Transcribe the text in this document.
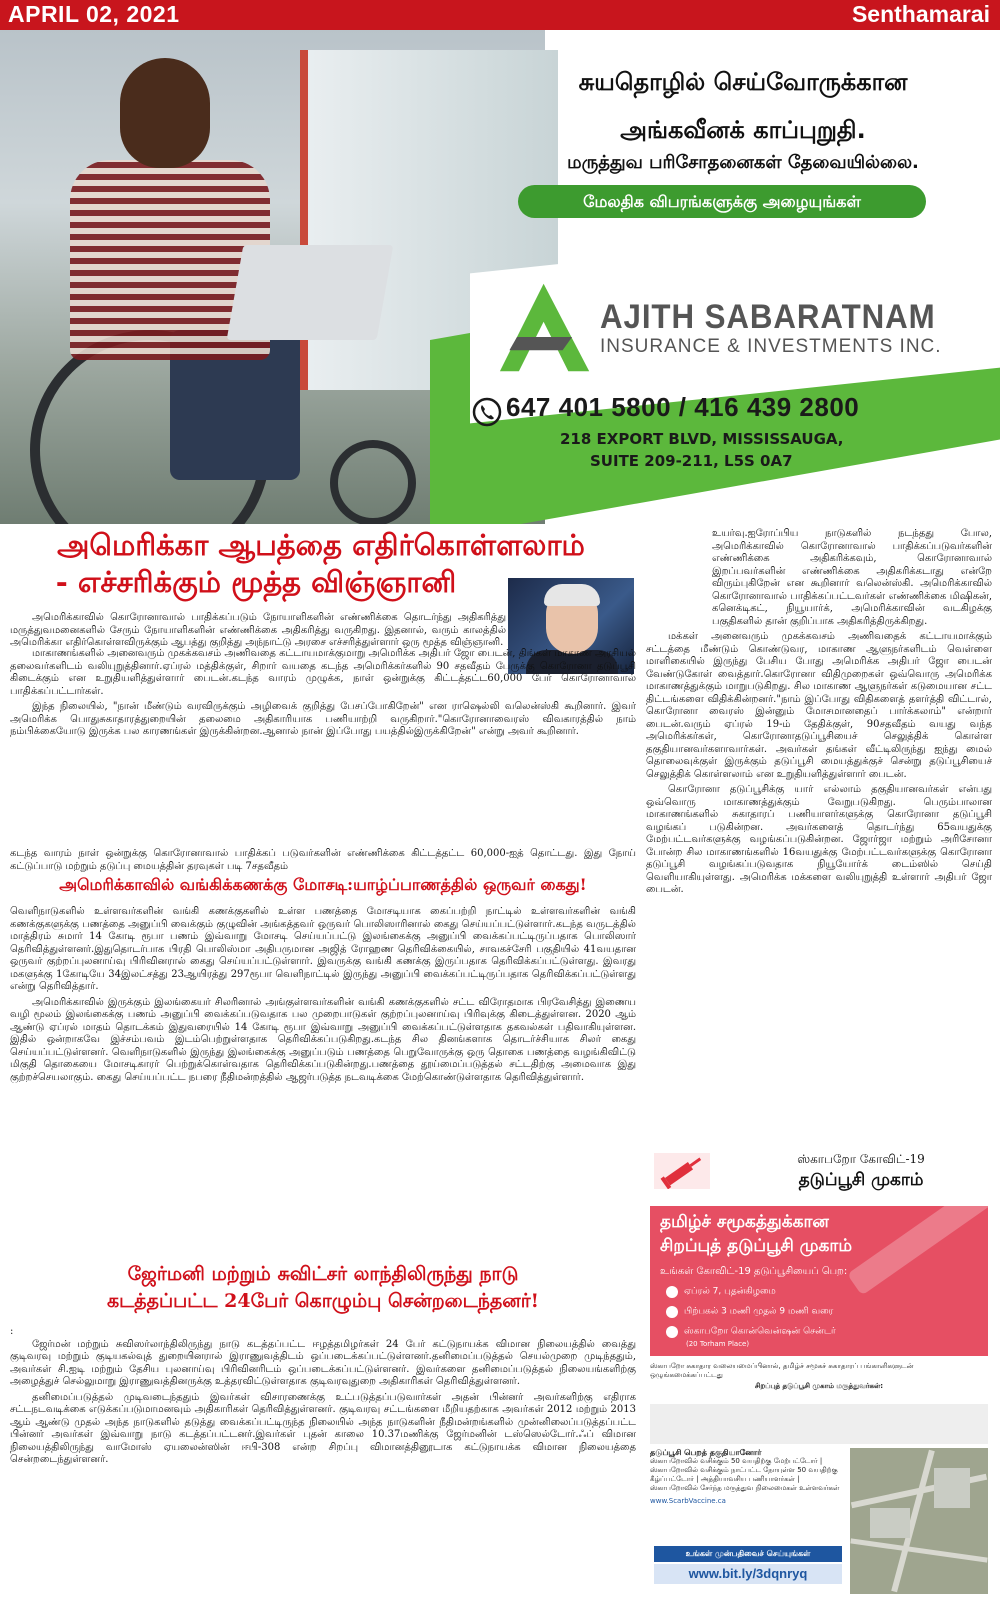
APRIL 02, 2021	Senthamarai
சுயதொழில் செய்வோருக்கான
அங்கவீனக் காப்புறுதி.
மருத்துவ பரிசோதனைகள் தேவையில்லை.
மேலதிக விபரங்களுக்கு அழையுங்கள்
AJITH SABARATNAM
INSURANCE & INVESTMENTS INC.
647 401 5800 / 416 439 2800
218 EXPORT BLVD, MISSISSAUGA,
SUITE 209-211, L5S 0A7
அமெரிக்கா ஆபத்தை எதிர்கொள்ளலாம்
- எச்சரிக்கும் மூத்த விஞ்ஞானி

அமெரிக்காவில் கொரோனாவால் பாதிக்கப்படும் நோயாளிகளின் எண்ணிக்கை தொடர்ந்து அதிகரித்து மருத்துவமனைகளில் சேரும் நோயாளிகளின் எண்ணிக்கை அதிகரித்து வருகிறது. இதனால், வரும் காலத்தில் அமெரிக்கா எதிர்கொள்ளவிருக்கும் ஆபத்து குறித்து அந்நாட்டு அரசை எச்சரித்துள்ளார் ஒரு மூத்த விஞ்ஞானி.

மாகாணங்களில் அனைவரும் முகக்கவசம் அணிவதை கட்டாயமாக்குமாறு அமெரிக்க அதிபர் ஜோ பைடன், திங்கள் மாகாண அரசியல் தலைவர்களிடம் வலியுறுத்தினார்.ஏப்ரல் மத்திக்குள், சிறார் வயதை கடந்த அமெரிக்கர்களில் 90 சதவீதம் பேருக்கு கொரோனா தடுப்பூசி கிடைக்கும் என உறுதியளித்துள்ளார் பைடன்.கடந்த வாரம் முழுக்க, நாள் ஒன்றுக்கு கிட்டத்தட்ட60,000 பேர் கொரோனாவால் பாதிக்கப்பட்டார்கள்.

இந்த நிலையில், "நான் மீண்டும் வரவிருக்கும் அழிவைக் குறித்து பேசப்போகிறேன்" என ராஷெல்லி வலென்ஸ்கி கூறினார். இவர் அமெரிக்க பொதுசுகாதாரத்துறையின் தலைமை அதிகாரியாக பணியாற்றி வருகிறார்."கொரோனாவைரஸ் விவகாரத்தில் நாம் நம்பிக்கையோடு இருக்க பல காரணங்கள் இருக்கின்றன.ஆனால் நான் இப்போது பயத்தில்இருக்கிறேன்" என்று அவர் கூறினார்.

கடந்த வாரம் நாள் ஒன்றுக்கு கொரோனாவால் பாதிக்கப் படுவர்களின் எண்ணிக்கை கிட்டத்தட்ட 60,000-ஐத் தொட்டது. இது நோய் கட்டுப்பாடு மற்றும் தடுப்பு மையத்தின் தரவுகள் படி 7சதவீதம்

அமெரிக்காவில் வங்கிக்கணக்கு மோசடி:யாழ்ப்பாணத்தில் ஒருவர் கைது!

வெளிநாடுகளில் உள்ளவர்களின் வங்கி கணக்குகளில் உள்ள பணத்தை மோசடியாக கைப்பற்றி நாட்டில் உள்ளவர்களின் வங்கி கணக்குகளுக்கு பணத்தை அனுப்பி வைக்கும் குழுவின் அங்கத்தவர் ஒருவர் பொலிஸாரினால் கைது செய்யப்பட்டுள்ளார்.கடந்த வருடத்தில் மாத்திரம் சுமார் 14 கோடி ரூபா பணம் இவ்வாறு மோசடி செய்யப்பட்டு இலங்கைக்கு அனுப்பி வைக்கப்பட்டிருப்பதாக பொலிஸார் தெரிவித்துள்ளனர்.இதுதொடர்பாக பிரதி பொலிஸ்மா அதிபருமான அஜித் ரோஹண தெரிவிக்கையில், சாவகச்சேரி பகுதியில் 41வயதான ஒருவர் குற்றப்புலனாய்வு பிரிவினரால் கைது செய்யப்பட்டுள்ளார். இவருக்கு வங்கி கணக்கு இருப்பதாக தெரிவிக்கப்பட்டுள்ளது. இவரது மகளுக்கு 1கோடியே 34இலட்சத்து 23ஆயிரத்து 297ரூபா வெளிநாட்டில் இருந்து அனுப்பி வைக்கப்பட்டிருப்பதாக தெரிவிக்கப்பட்டுள்ளது என்று தெரிவித்தார்.

அமெரிக்காவில் இருக்கும் இலங்கையர் சிலரினால் அங்குள்ளவர்களின் வங்கி கணக்குகளில் சட்ட விரோதமாக பிரவேசித்து இணைய வழி மூலம் இலங்கைக்கு பணம் அனுப்பி வைக்கப்படுவதாக பல முறைபாடுகள் குற்றப்புலனாய்வு பிரிவுக்கு கிடைத்துள்ளன. 2020 ஆம் ஆண்டு ஏப்ரல் மாதம் தொடக்கம் இதுவரையில் 14 கோடி ரூபா இவ்வாறு அனுப்பி வைக்கப்பட்டுள்ளதாக தகவல்கள் பதிவாகியுள்ளன. இதில் ஒன்றாகவே இச்சம்பவம் இடம்பெற்றுள்ளதாக தெரிவிக்கப்படுகிறது.கடந்த சில தினங்களாக தொடர்ச்சியாக சிலர் கைது செய்யப்பட்டுள்ளனர். வெளிநாடுகளில் இருந்து இலங்கைக்கு அனுப்படும் பணத்தை பெறுவோருக்கு ஒரு தொகை பணத்தை வழங்கிவிட்டு மிகுதி தொகையை மோசடிகாரர் பெற்றுக்கொள்வதாக தெரிவிக்கப்படுகின்றது.பணத்தை தூய்மைப்படுத்தல் சட்டதிற்கு அமைவாக இது குற்றச்செயலாகும். கைது செய்யப்பட்ட நபரை நீதிமன்றத்தில் ஆஜர்படுத்த நடவடிக்கை மேற்கொண்டுள்ளதாக தெரிவித்துள்ளார்.

ஜேர்மனி மற்றும் சுவிட்சர் லாந்திலிருந்து நாடு
கடத்தப்பட்ட 24பேர் கொழும்பு சென்றடைந்தனர்!

:

ஜேர்மன் மற்றும் சுவிஸர்லாந்திலிருந்து நாடு கடத்தப்பட்ட ஈழத்தமிழர்கள் 24 பேர் கட்டுநாயக்க விமான நிலையத்தில் வைத்து குடிவரவு மற்றும் குடியகல்வுத் துறையினரால் இராணுவத்திடம் ஒப்படைக்கப்பட்டுள்ளனர்.தனிமைப்படுத்தல் செயல்முறை முடிந்ததும், அவர்கள் சி.ஐடி மற்றும் தேசிய புலனாய்வு பிரிவினரிடம் ஒப்படைக்கப்பட்டுள்ளனர். இவர்களை தனிமைப்படுத்தல் நிலையங்களிற்கு அழைத்துச் செல்லுமாறு இராணுவத்தினருக்கு உத்தரவிட்டுள்ளதாக குடிவரவுதுறை அதிகாரிகள் தெரிவித்துள்ளனர்.

தனிமைப்படுத்தல் முடிவடைந்ததும் இவர்கள் விசாரணைக்கு உட்படுத்தப்படுவார்கள் அதன் பின்னர் அவர்களிற்கு எதிராக சட்டநடவடிக்கை எடுக்கப்படுமாமனவும் அதிகாரிகள் தெரிவித்துள்ளனர். குடிவரவு சட்டங்களை மீறியதற்காக அவர்கள் 2012 மற்றும் 2013 ஆம் ஆண்டு முதல் அந்த நாடுகளில் தடுத்து வைக்கப்பட்டிருந்த நிலையில் அந்த நாடுகளின் நீதிமன்றங்களில் முன்னிலைப்படுத்தப்பட்ட பின்னர் அவர்கள் இவ்வாறு நாடு கடத்தப்பட்டனர்.இவர்கள் புதன் காலை 10.37மணிக்கு ஜேர்மனின் டஸ்ஸெல்டோர்.ஃப் விமான நிலையத்திலிருந்து வாமோஸ் ஏயலைன்ஸின் ஈபி-308 என்ற சிறப்பு விமானத்தினூடாக கட்டுநாயக்க விமான நிலையத்தை சென்றடைந்துள்ளனர்.

உயர்வு.ஐரோப்பிய நாடுகளில் நடந்தது போல, அமெரிக்காவில் கொரோனாவால் பாதிக்கப்படுவர்களின் எண்ணிக்கை அதிகரிக்கவும், கொரோனாவால் இறப்பவர்களின் எண்ணிக்கை அதிகரிக்கடாது என்றே விரும்புகிறேன் என கூறினார் வலென்ஸ்கி. அமெரிக்காவில் கொரோனாவால் பாதிக்கப்பட்டவர்கள் எண்ணிக்கை மிஷிகன், கனெக்டிகட், நியூயார்க், அமெரிக்காவின் வடகிழக்கு பகுதிகளில் தான் குறிப்பாக அதிகரித்திருக்கிறது.

மக்கள் அனைவரும் முகக்கவசம் அணிவதைக் கட்டாயமாக்கும் சட்டத்தை மீண்டும் கொண்டுவர, மாகாண ஆளுநர்களிடம் வெள்ளை மாளிகையில் இருந்து பேசிய போது அமெரிக்க அதிபர் ஜோ பைடன் வேண்டுகோள் வைத்தார்.கொரோனா விதிமுறைகள் ஒவ்வொரு அமெரிக்க மாகாணத்துக்கும் மாறுபடுகிறது. சில மாகாண ஆளுநர்கள் கடுமையான சட்ட திட்டங்களை விதிக்கின்றனர்."நாம் இப்போது விதிகளைத் தளர்த்தி விட்டால், கொரோனா வைரஸ் இன்னும் மோசமானதைப் பார்க்கலாம்" என்றார் பைடன்.வரும் ஏப்ரல் 19-ம் தேதிக்குள், 90சதவீதம் வயது வந்த அமெரிக்கர்கள், கொரோனாதடுப்பூசியைச் செலுத்திக் கொள்ள தகுதியானவர்களாவார்கள். அவர்கள் தங்கள் வீட்டிலிருந்து ஐந்து மைல் தொலைவுக்குள் இருக்கும் தடுப்பூசி மையத்துக்குச் சென்று தடுப்பூசியைச் செலுத்திக் கொள்ளலாம் என உறுதியளித்துள்ளார் பைடன்.

கொரோனா தடுப்பூசிக்கு யார் எல்லாம் தகுதியானவர்கள் என்பது ஒவ்வொரு மாகாணத்துக்கும் வேறுபடுகிறது. பெரும்பாலான மாகாணங்களில் சுகாதாரப் பணியாளர்களுக்கு கொரோனா தடுப்பூசி வழங்கப் படுகின்றன. அவர்களைத் தொடர்ந்து 65வயதுக்கு மேற்பட்டவர்களுக்கு வழங்கப்படுகின்றன. ஜோர்ஜா மற்றும் அரிசோனா போன்ற சில மாகாணங்களில் 16வயதுக்கு மேற்பட்டவர்களுக்கு கொரோனா தடுப்பூசி வழங்கப்படுவதாக நியூயோர்க் டைம்ஸில் செய்தி வெளியாகியுள்ளது. அமெரிக்க மக்களை வலியுறுத்தி உள்ளார் அதிபர் ஜோ பைடன்.

ஸ்காபறோ கோவிட்-19
தடுப்பூசி முகாம்
தமிழ்ச் சமூகத்துக்கான
சிறப்புத் தடுப்பூசி முகாம்
உங்கள் கோவிட்-19 தடுப்பூசியைப் பெற:
ஏப்ரல் 7, புதன்கிழமை
பிற்பகல் 3 மணி முதல் 9 மணி வரை
ஸ்காபறோ கொன்வென்ஷன் சென்டர்
(20 Torham Place)
ஸ்காபறோ சுகாதார வலையமைப்பினால், தமிழ்ச் சமூகச் சுகாதாரப் பங்காளிகளுடன் ஒழுங்கமைக்கப்பட்டது
சிறப்புத் தடுப்பூசி முகாம் மருத்துவர்கள்:
தடுப்பூசி பெறத் தகுதியானோர்
ஸ்காபறோவில் வசிக்கும் 50 வயதிற்கு மேற்பட்டோர் | ஸ்காபறோவில் வசிக்கும் நாட்பட்ட நோயுள்ள 50 வயதிற்கு கீழ்ப்பட்டோர் | அத்தியாவசிய பணியாளர்கள் | ஸ்காபறோவில் சேர்ந்த மருத்துவ நிலைமைகள் உள்ளவர்கள்
www.ScarbVaccine.ca
உங்கள் முன்பதிவைச் செய்யுங்கள்
www.bit.ly/3dqnryq
